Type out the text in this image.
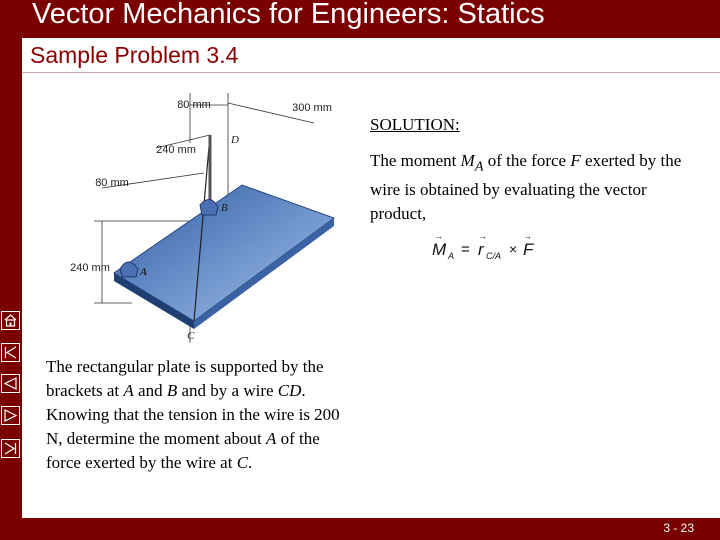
Vector Mechanics for Engineers: Statics
Sample Problem 3.4
80 mm	300 mm
240 mm
80 mm
240 mm
D
B
A
C
SOLUTION:
The moment $M_A$ of the force F exerted by the wire is obtained by evaluating the vector product,
→
M A =
→
r C/A ×
→
F
The rectangular plate is supported by the brackets at A and B and by a wire CD. Knowing that the tension in the wire is 200 N, determine the moment about A of the force exerted by the wire at C.
3 - 23
